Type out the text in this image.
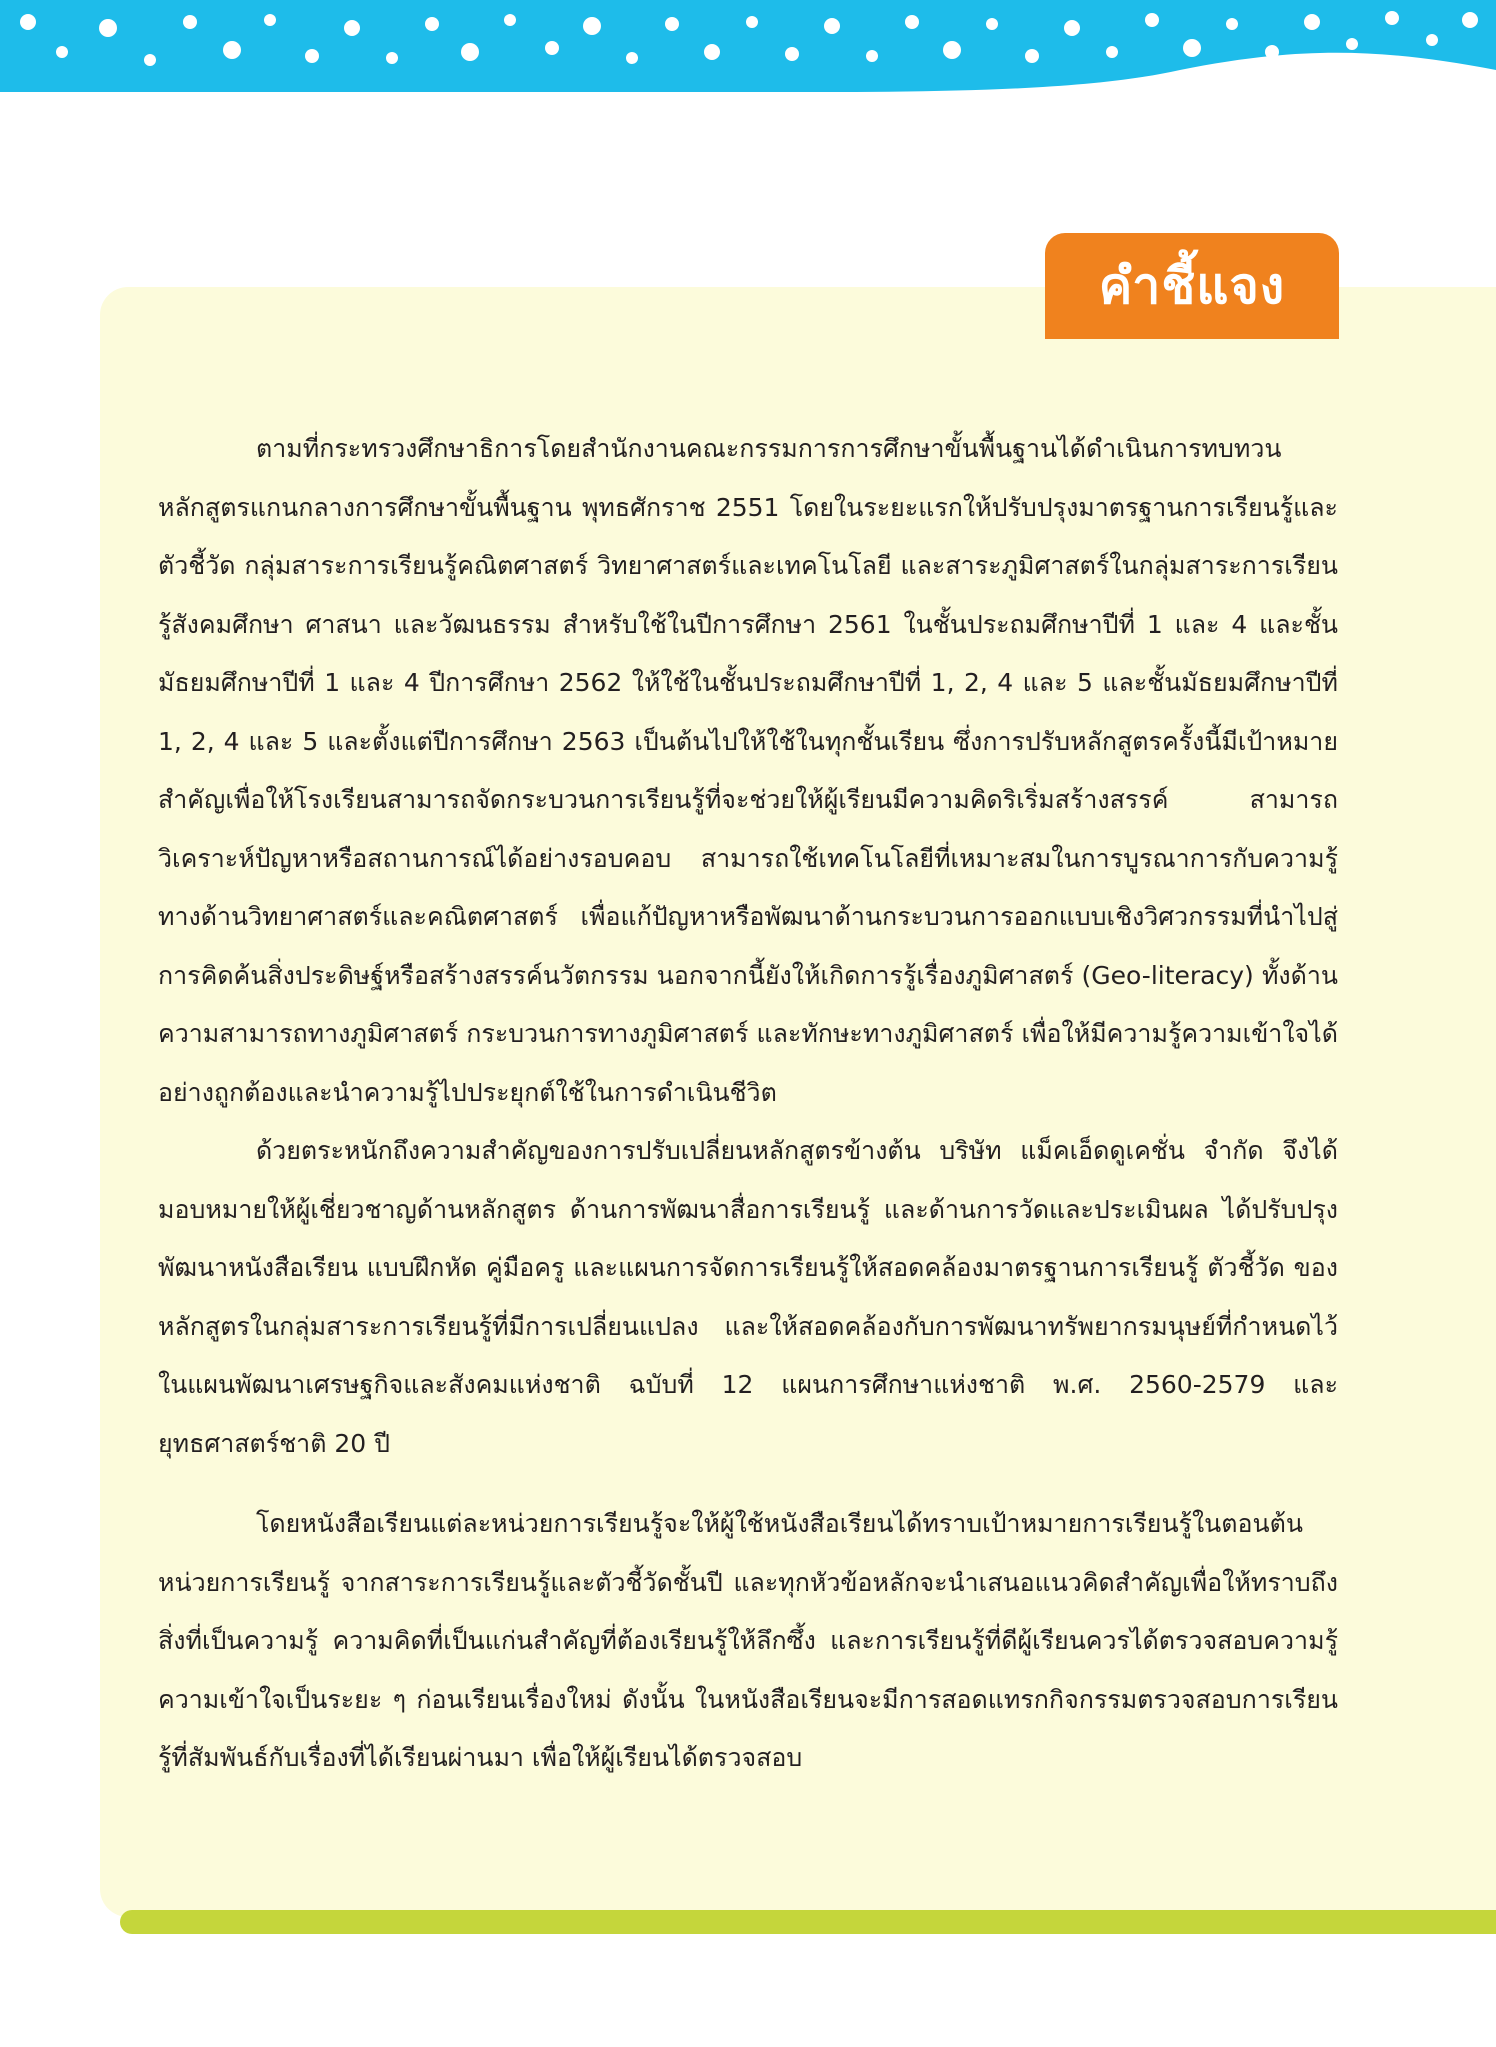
คำชี้แจง

ตามที่กระทรวงศึกษาธิการโดยสำนักงานคณะกรรมการการศึกษาขั้นพื้นฐานได้ดำเนินการทบทวนหลักสูตรแกนกลางการศึกษาขั้นพื้นฐาน พุทธศักราช 2551 โดยในระยะแรกให้ปรับปรุงมาตรฐานการเรียนรู้และตัวชี้วัด กลุ่มสาระการเรียนรู้คณิตศาสตร์ วิทยาศาสตร์และเทคโนโลยี และสาระภูมิศาสตร์ในกลุ่มสาระการเรียนรู้สังคมศึกษา ศาสนา และวัฒนธรรม สำหรับใช้ในปีการศึกษา 2561 ในชั้นประถมศึกษาปีที่ 1 และ 4 และชั้นมัธยมศึกษาปีที่ 1 และ 4 ปีการศึกษา 2562 ให้ใช้ในชั้นประถมศึกษาปีที่ 1, 2, 4 และ 5 และชั้นมัธยมศึกษาปีที่ 1, 2, 4 และ 5 และตั้งแต่ปีการศึกษา 2563 เป็นต้นไปให้ใช้ในทุกชั้นเรียน ซึ่งการปรับหลักสูตรครั้งนี้มีเป้าหมายสำคัญเพื่อให้โรงเรียนสามารถจัดกระบวนการเรียนรู้ที่จะช่วยให้ผู้เรียนมีความคิดริเริ่มสร้างสรรค์ สามารถวิเคราะห์ปัญหาหรือสถานการณ์ได้อย่างรอบคอบ สามารถใช้เทคโนโลยีที่เหมาะสมในการบูรณาการกับความรู้ทางด้านวิทยาศาสตร์และคณิตศาสตร์ เพื่อแก้ปัญหาหรือพัฒนาด้านกระบวนการออกแบบเชิงวิศวกรรมที่นำไปสู่การคิดค้นสิ่งประดิษฐ์หรือสร้างสรรค์นวัตกรรม นอกจากนี้ยังให้เกิดการรู้เรื่องภูมิศาสตร์ (Geo-literacy) ทั้งด้านความสามารถทางภูมิศาสตร์ กระบวนการทางภูมิศาสตร์ และทักษะทางภูมิศาสตร์ เพื่อให้มีความรู้ความเข้าใจได้อย่างถูกต้องและนำความรู้ไปประยุกต์ใช้ในการดำเนินชีวิต

ด้วยตระหนักถึงความสำคัญของการปรับเปลี่ยนหลักสูตรข้างต้น บริษัท แม็คเอ็ดดูเคชั่น จำกัด จึงได้มอบหมายให้ผู้เชี่ยวชาญด้านหลักสูตร ด้านการพัฒนาสื่อการเรียนรู้ และด้านการวัดและประเมินผล ได้ปรับปรุงพัฒนาหนังสือเรียน แบบฝึกหัด คู่มือครู และแผนการจัดการเรียนรู้ให้สอดคล้องมาตรฐานการเรียนรู้ ตัวชี้วัด ของหลักสูตรในกลุ่มสาระการเรียนรู้ที่มีการเปลี่ยนแปลง และให้สอดคล้องกับการพัฒนาทรัพยากรมนุษย์ที่กำหนดไว้ในแผนพัฒนาเศรษฐกิจและสังคมแห่งชาติ ฉบับที่ 12 แผนการศึกษาแห่งชาติ พ.ศ. 2560-2579 และยุทธศาสตร์ชาติ 20 ปี

โดยหนังสือเรียนแต่ละหน่วยการเรียนรู้จะให้ผู้ใช้หนังสือเรียนได้ทราบเป้าหมายการเรียนรู้ในตอนต้นหน่วยการเรียนรู้ จากสาระการเรียนรู้และตัวชี้วัดชั้นปี และทุกหัวข้อหลักจะนำเสนอแนวคิดสำคัญเพื่อให้ทราบถึงสิ่งที่เป็นความรู้ ความคิดที่เป็นแก่นสำคัญที่ต้องเรียนรู้ให้ลึกซึ้ง และการเรียนรู้ที่ดีผู้เรียนควรได้ตรวจสอบความรู้ความเข้าใจเป็นระยะ ๆ ก่อนเรียนเรื่องใหม่ ดังนั้น ในหนังสือเรียนจะมีการสอดแทรกกิจกรรมตรวจสอบการเรียนรู้ที่สัมพันธ์กับเรื่องที่ได้เรียนผ่านมา เพื่อให้ผู้เรียนได้ตรวจสอบ
